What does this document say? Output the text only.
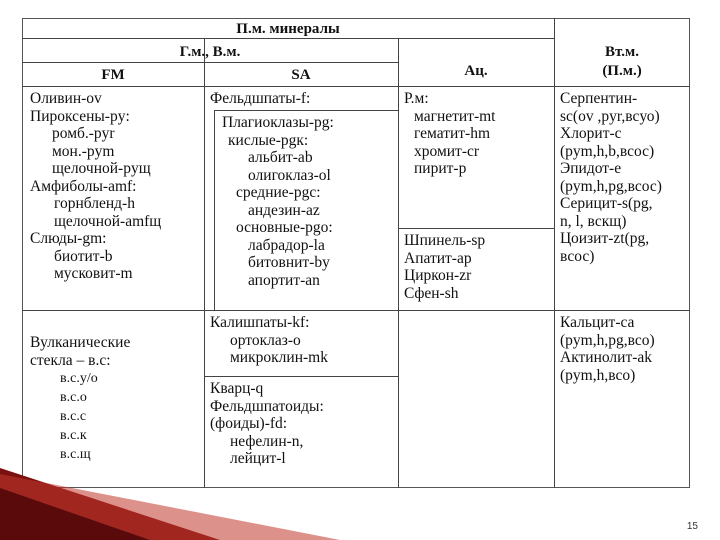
П.м. минералы
Г.м., В.м.
FM	SA	Ац.
Вт.м.
(П.м.)
Оливин-ov
Пироксены-py:
ромб.-pyr
мон.-pym
щелочной-pyщ
Амфиболы-amf:
горнбленд-h
щелочной-amfщ
Слюды-gm:
биотит-b
мусковит-m
Вулканические
стекла – в.с:
в.с.у/о
в.с.о
в.с.с
в.с.к
в.с.щ
Фельдшпаты-f:
Плагиоклазы-pg:
кислые-pgк:
альбит-ab
олигоклаз-ol
средние-pgс:
андезин-az
основные-pgо:
лабрадор-la
битовнит-by
апортит-an
Калишпаты-kf:
ортоклаз-o
микроклин-mk
Кварц-q
Фельдшпатоиды:
(фоиды)-fd:
нефелин-n,
лейцит-l
Р.м:
магнетит-mt
гематит-hm
хромит-cr
пирит-p
Шпинель-sp
Апатит-ap
Циркон-zr
Сфен-sh
Серпентин-
sc(ov ,pyr,вcуо)
Хлорит-с
(pym,h,b,вcос)
Эпидот-е
(pym,h,pg,вcос)
Серицит-s(pg,
n, l, вcкщ)
Цоизит-zt(pg,
вcос)
Кальцит-са
(pym,h,pg,вcо)
Актинолит-ak
(pym,h,вcо)
15
